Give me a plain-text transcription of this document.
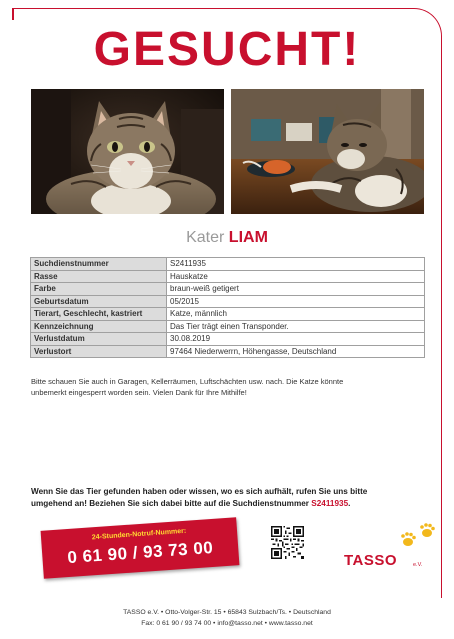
GESUCHT!
Kater LIAM
Suchdienstnummer	S2411935
Rasse	Hauskatze
Farbe	braun-weiß getigert
Geburtsdatum	05/2015
Tierart, Geschlecht, kastriert	Katze, männlich
Kennzeichnung	Das Tier trägt einen Transponder.
Verlustdatum	30.08.2019
Verlustort	97464 Niederwerrn, Höhengasse, Deutschland
Bitte schauen Sie auch in Garagen, Kellerräumen, Luftschächten usw. nach. Die Katze könnte
unbemerkt eingesperrt worden sein. Vielen Dank für Ihre Mithilfe!
Wenn Sie das Tier gefunden haben oder wissen, wo es sich aufhält, rufen Sie uns bitte
umgehend an! Beziehen Sie sich dabei bitte auf die Suchdienstnummer S2411935.
24-Stunden-Notruf-Nummer:
0 61 90 / 93 73 00	TASSO	e.V.
TASSO e.V. • Otto-Volger-Str. 15 • 65843 Sulzbach/Ts. • Deutschland
Fax: 0 61 90 / 93 74 00 • info@tasso.net • www.tasso.net
